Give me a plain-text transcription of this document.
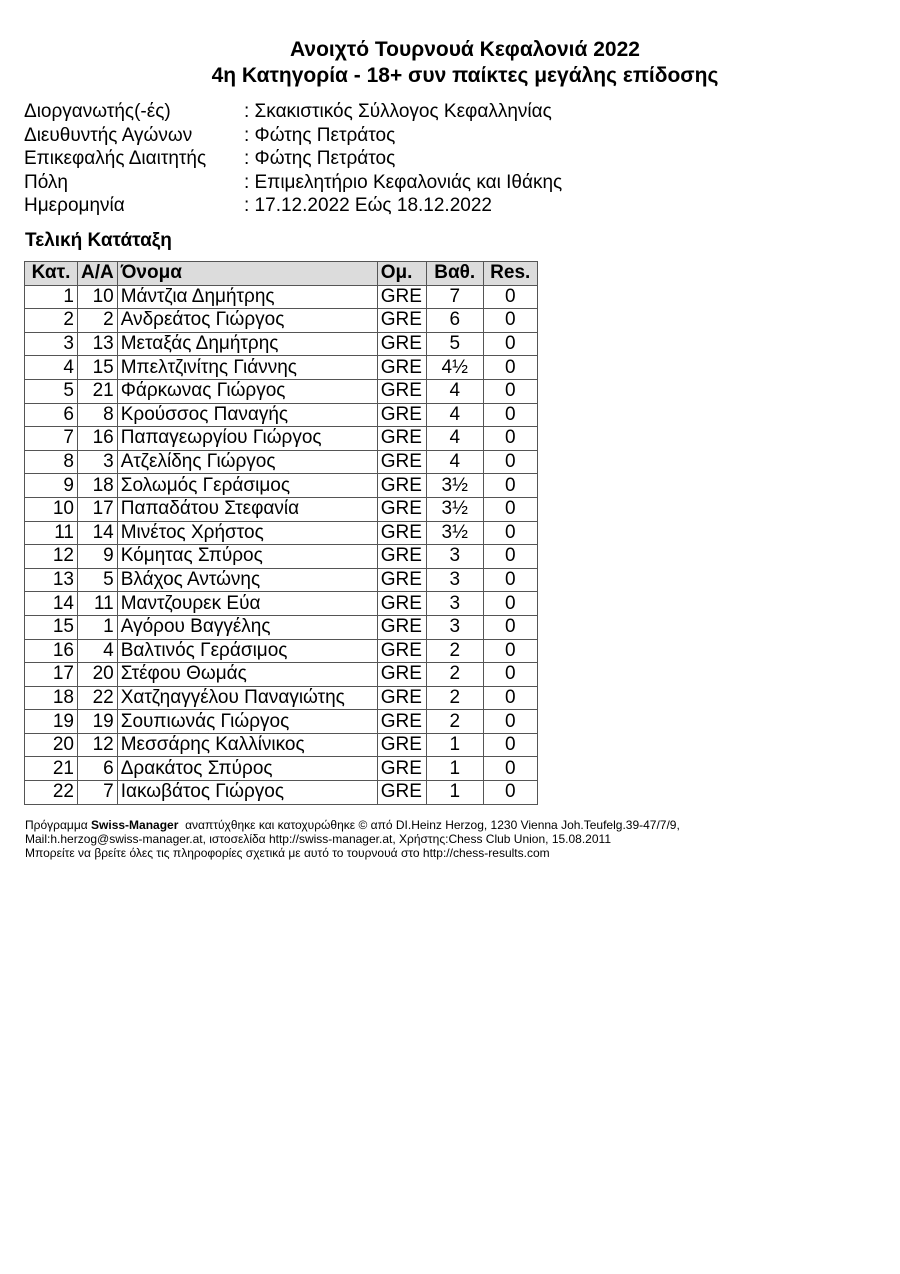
Ανοιχτό Τουρνουά Κεφαλονιά 2022
4η Κατηγορία - 18+ συν παίκτες μεγάλης επίδοσης
Διοργανωτής(-ές)	: Σκακιστικός Σύλλογος Κεφαλληνίας
Διευθυντής Αγώνων	: Φώτης Πετράτος
Επικεφαλής Διαιτητής	: Φώτης Πετράτος
Πόλη	: Επιμελητήριο Κεφαλονιάς και Ιθάκης
Ημερομηνία	: 17.12.2022 Εώς 18.12.2022
Τελική Κατάταξη
Κατ.	Α/Α	Όνομα	Ομ.	Βαθ.	Res.
1	10	Μάντζια Δημήτρης	GRE	7	0
2	2	Ανδρεάτος Γιώργος	GRE	6	0
3	13	Μεταξάς Δημήτρης	GRE	5	0
4	15	Μπελτζινίτης Γιάννης	GRE	4½	0
5	21	Φάρκωνας Γιώργος	GRE	4	0
6	8	Κρούσσος Παναγής	GRE	4	0
7	16	Παπαγεωργίου Γιώργος	GRE	4	0
8	3	Ατζελίδης Γιώργος	GRE	4	0
9	18	Σολωμός Γεράσιμος	GRE	3½	0
10	17	Παπαδάτου Στεφανία	GRE	3½	0
11	14	Μινέτος Χρήστος	GRE	3½	0
12	9	Κόμητας Σπύρος	GRE	3	0
13	5	Βλάχος Αντώνης	GRE	3	0
14	11	Μαντζουρεκ Εύα	GRE	3	0
15	1	Αγόρου Βαγγέλης	GRE	3	0
16	4	Βαλτινός Γεράσιμος	GRE	2	0
17	20	Στέφου Θωμάς	GRE	2	0
18	22	Χατζηαγγέλου Παναγιώτης	GRE	2	0
19	19	Σουπιωνάς Γιώργος	GRE	2	0
20	12	Μεσσάρης Καλλίνικος	GRE	1	0
21	6	Δρακάτος Σπύρος	GRE	1	0
22	7	Ιακωβάτος Γιώργος	GRE	1	0
Πρόγραμμα Swiss-Manager  αναπτύχθηκε και κατοχυρώθηκε © από DI.Heinz Herzog, 1230 Vienna Joh.Teufelg.39-47/7/9,
Mail:h.herzog@swiss-manager.at, ιστοσελίδα http://swiss-manager.at, Χρήστης:Chess Club Union, 15.08.2011
Μπορείτε να βρείτε όλες τις πληροφορίες σχετικά με αυτό το τουρνουά στο http://chess-results.com
